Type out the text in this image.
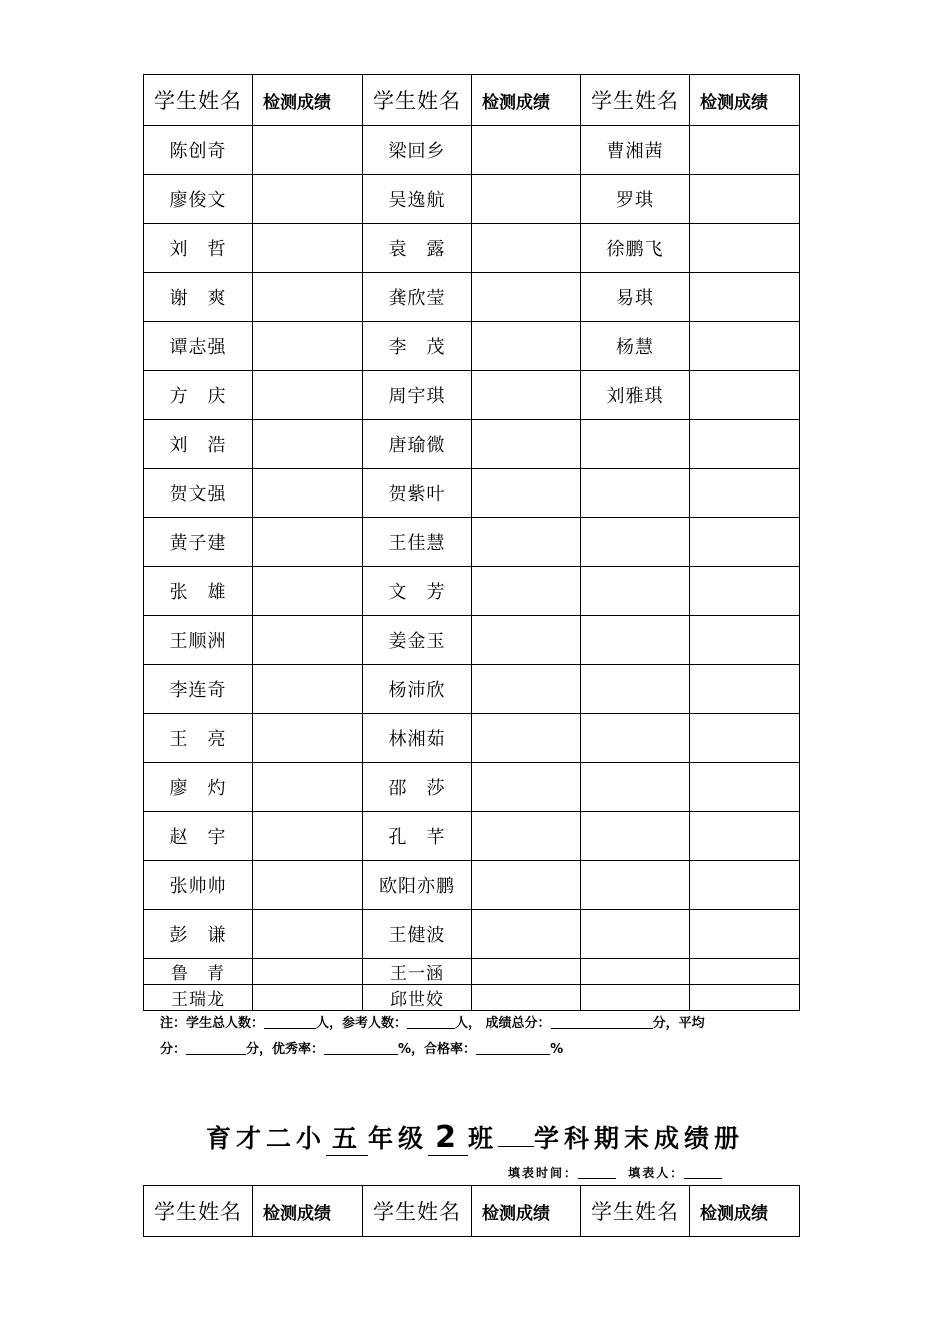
学生姓名	检测成绩	学生姓名	检测成绩	学生姓名	检测成绩
陈创奇		梁回乡		曹湘茜	
廖俊文		吴逸航		罗琪	
刘　哲		袁　露		徐鹏飞	
谢　爽		龚欣莹		易琪	
谭志强		李　茂		杨慧	
方　庆		周宇琪		刘雅琪	
刘　浩		唐瑜微			
贺文强		贺紫叶			
黄子建		王佳慧			
张　雄		文　芳			
王顺洲		姜金玉			
李连奇		杨沛欣			
王　亮		林湘茹			
廖　灼		邵　莎			
赵　宇		孔　芊			
张帅帅		欧阳亦鹏			
彭　谦		王健波			
鲁　青		王一涵			
王瑞龙		邱世姣			
注：学生总人数：	人，参考人数：	人， 成绩总分：	分，平均
分：	分，优秀率：	%，合格率：	%
育才二小 五 年级 2 班 学科期末成绩册
填表时间：	填表人：
学生姓名	检测成绩	学生姓名	检测成绩	学生姓名	检测成绩
